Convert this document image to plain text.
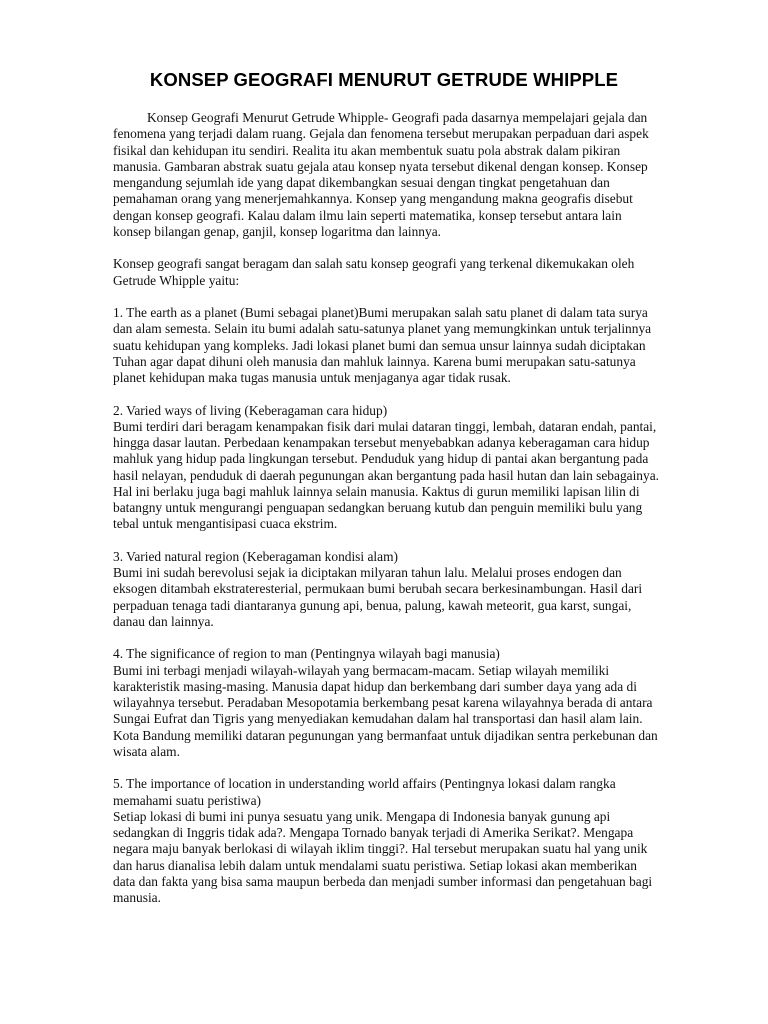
KONSEP GEOGRAFI MENURUT GETRUDE WHIPPLE

Konsep Geografi Menurut Getrude Whipple- Geografi pada dasarnya mempelajari gejala dan fenomena yang terjadi dalam ruang. Gejala dan fenomena tersebut merupakan perpaduan dari aspek fisikal dan kehidupan itu sendiri. Realita itu akan membentuk suatu pola abstrak dalam pikiran manusia. Gambaran abstrak suatu gejala atau konsep nyata tersebut dikenal dengan konsep. Konsep mengandung sejumlah ide yang dapat dikembangkan sesuai dengan tingkat pengetahuan dan pemahaman orang yang menerjemahkannya. Konsep yang mengandung makna geografis disebut dengan konsep geografi. Kalau dalam ilmu lain seperti matematika, konsep tersebut antara lain konsep bilangan genap, ganjil, konsep logaritma dan lainnya.

Konsep geografi sangat beragam dan salah satu konsep geografi yang terkenal dikemukakan oleh Getrude Whipple yaitu:

1. The earth as a planet (Bumi sebagai planet)Bumi merupakan salah satu planet di dalam tata surya dan alam semesta. Selain itu bumi adalah satu-satunya planet yang memungkinkan untuk terjalinnya suatu kehidupan yang kompleks. Jadi lokasi planet bumi dan semua unsur lainnya sudah diciptakan Tuhan agar dapat dihuni oleh manusia dan mahluk lainnya. Karena bumi merupakan satu-satunya planet kehidupan maka tugas manusia untuk menjaganya agar tidak rusak.

2. Varied ways of living (Keberagaman cara hidup)
Bumi terdiri dari beragam kenampakan fisik dari mulai dataran tinggi, lembah, dataran endah, pantai, hingga dasar lautan. Perbedaan kenampakan tersebut menyebabkan adanya keberagaman cara hidup mahluk yang hidup pada lingkungan tersebut. Penduduk yang hidup di pantai akan bergantung pada hasil nelayan, penduduk di daerah pegunungan akan bergantung pada hasil hutan dan lain sebagainya. Hal ini berlaku juga bagi mahluk lainnya selain manusia. Kaktus di gurun memiliki lapisan lilin di batangny untuk mengurangi penguapan sedangkan beruang kutub dan penguin memiliki bulu yang tebal untuk mengantisipasi cuaca ekstrim.

3. Varied natural region (Keberagaman kondisi alam)
Bumi ini sudah berevolusi sejak ia diciptakan milyaran tahun lalu. Melalui proses endogen dan eksogen ditambah ekstrateresterial, permukaan bumi berubah secara berkesinambungan. Hasil dari perpaduan tenaga tadi diantaranya gunung api, benua, palung, kawah meteorit, gua karst, sungai, danau dan lainnya.

4. The significance of region to man (Pentingnya wilayah bagi manusia)
Bumi ini terbagi menjadi wilayah-wilayah yang bermacam-macam. Setiap wilayah memiliki karakteristik masing-masing. Manusia dapat hidup dan berkembang dari sumber daya yang ada di wilayahnya tersebut. Peradaban Mesopotamia berkembang pesat karena wilayahnya berada di antara Sungai Eufrat dan Tigris yang menyediakan kemudahan dalam hal transportasi dan hasil alam lain. Kota Bandung memiliki dataran pegunungan yang bermanfaat untuk dijadikan sentra perkebunan dan wisata alam.

5. The importance of location in understanding world affairs (Pentingnya lokasi dalam rangka memahami suatu peristiwa)
Setiap lokasi di bumi ini punya sesuatu yang unik. Mengapa di Indonesia banyak gunung api sedangkan di Inggris tidak ada?. Mengapa Tornado banyak terjadi di Amerika Serikat?. Mengapa negara maju banyak berlokasi di wilayah iklim tinggi?. Hal tersebut merupakan suatu hal yang unik dan harus dianalisa lebih dalam untuk mendalami suatu peristiwa. Setiap lokasi akan memberikan data dan fakta yang bisa sama maupun berbeda dan menjadi sumber informasi dan pengetahuan bagi manusia.
